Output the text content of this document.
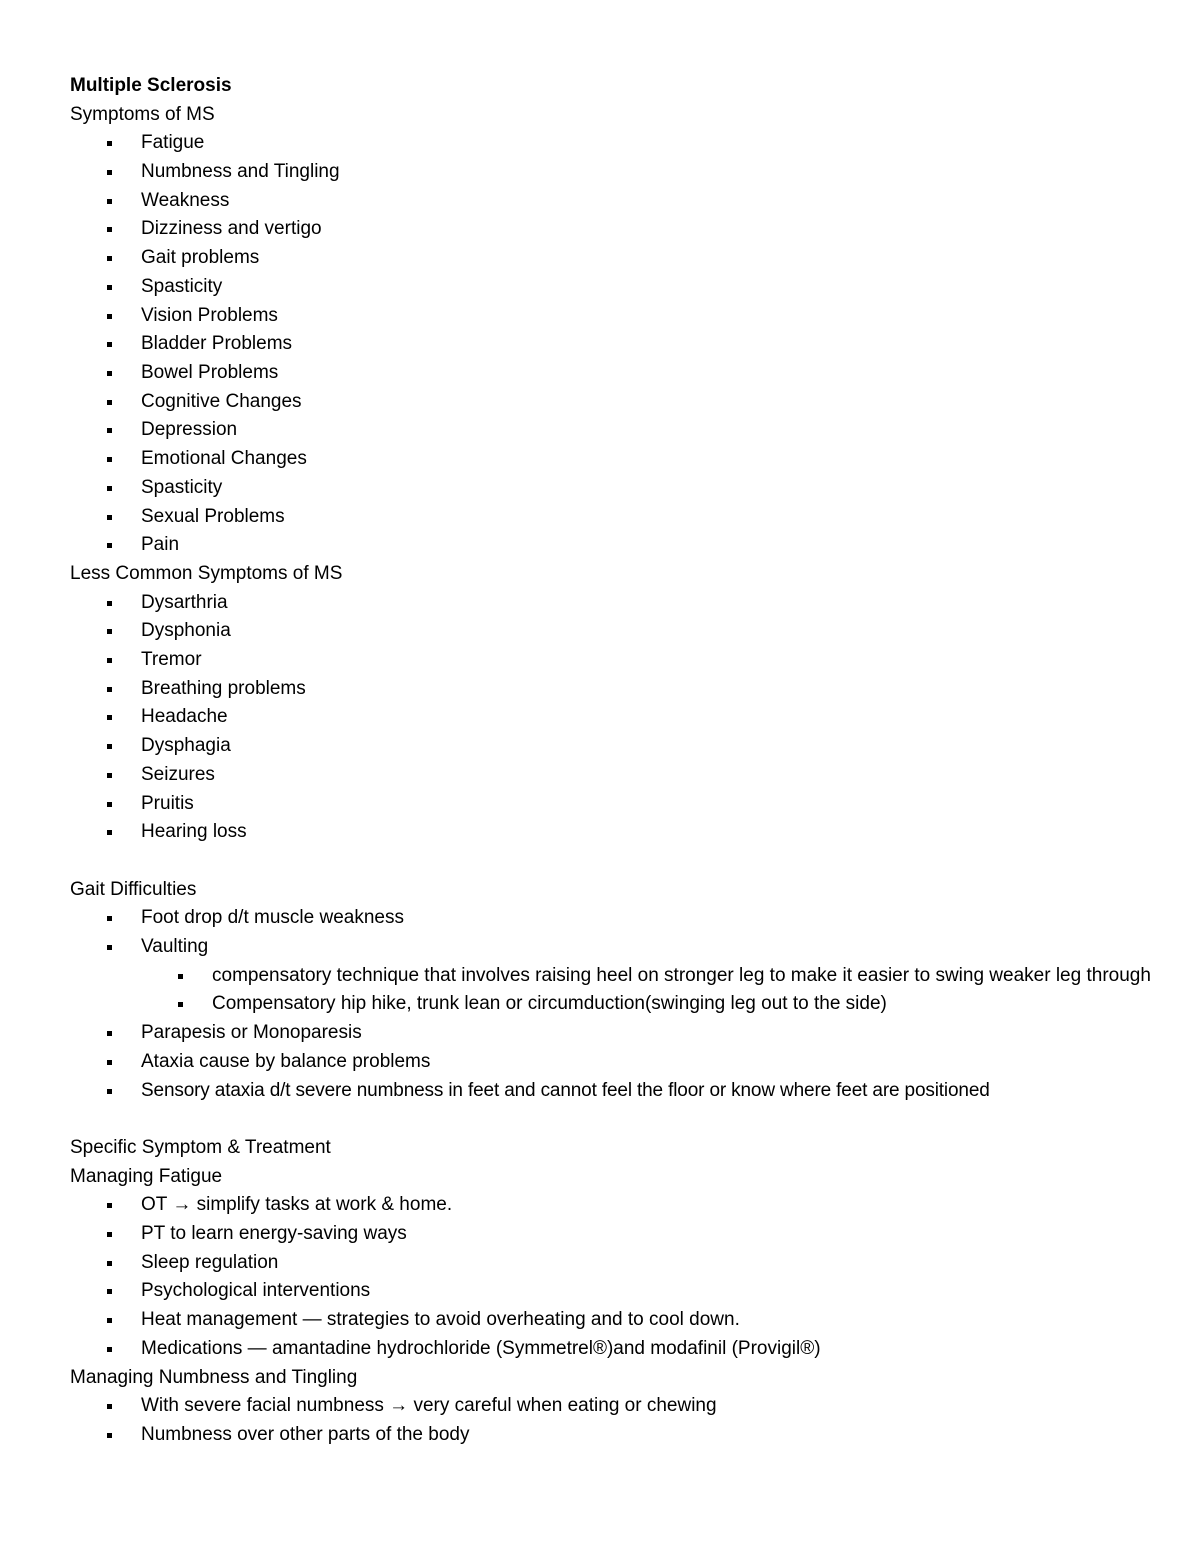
Multiple Sclerosis
Symptoms of MS
Fatigue
Numbness and Tingling
Weakness
Dizziness and vertigo
Gait problems
Spasticity
Vision Problems
Bladder Problems
Bowel Problems
Cognitive Changes
Depression
Emotional Changes
Spasticity
Sexual Problems
Pain
Less Common Symptoms of MS
Dysarthria
Dysphonia
Tremor
Breathing problems
Headache
Dysphagia
Seizures
Pruitis
Hearing loss
Gait Difficulties
Foot drop d/t muscle weakness
Vaulting
compensatory technique that involves raising heel on stronger leg to make it easier to swing weaker leg through
Compensatory hip hike, trunk lean or circumduction(swinging leg out to the side)
Parapesis or Monoparesis
Ataxia cause by balance problems
Sensory ataxia d/t severe numbness in feet and cannot feel the floor or know where feet are positioned
Specific Symptom & Treatment
Managing Fatigue
OT → simplify tasks at work & home.
PT to learn energy-saving ways
Sleep regulation
Psychological interventions
Heat management — strategies to avoid overheating and to cool down.
Medications — amantadine hydrochloride (Symmetrel®)and modafinil (Provigil®)
Managing Numbness and Tingling
With severe facial numbness → very careful when eating or chewing
Numbness over other parts of the body
